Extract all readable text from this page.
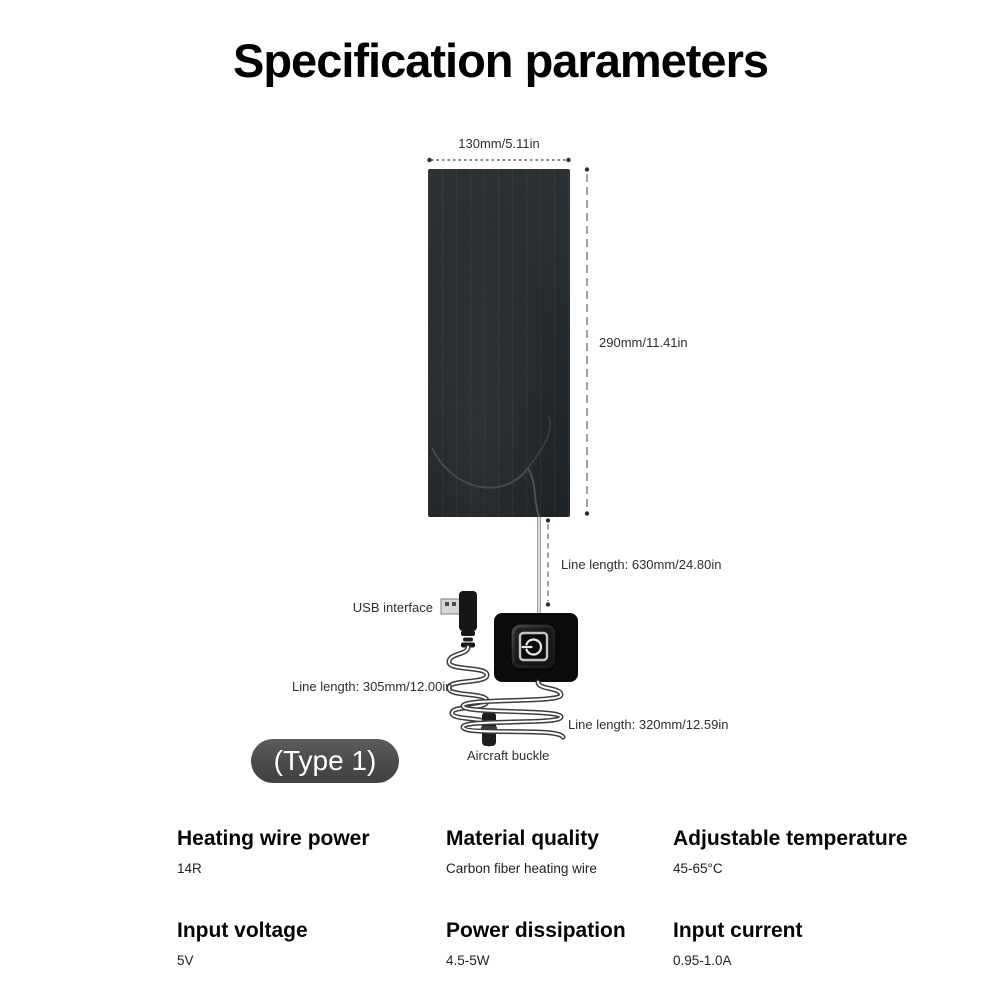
Specification parameters
130mm/5.11in
290mm/11.41in
Line length: 630mm/24.80in
USB interface
Line length: 305mm/12.00in
Line length: 320mm/12.59in
Aircraft buckle
(Type 1)
Heating wire power
14R
Material quality
Carbon fiber heating wire
Adjustable temperature
45-65°C
Input voltage
5V
Power dissipation
4.5-5W
Input current
0.95-1.0A
